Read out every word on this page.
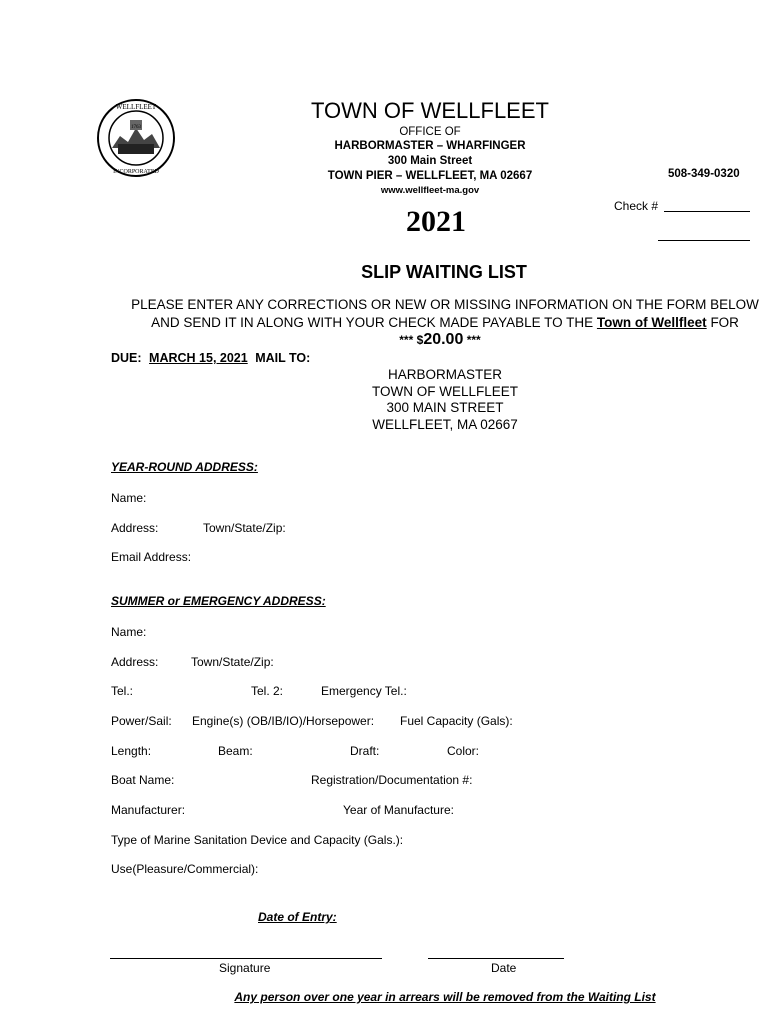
1763
WELLFLEET
INCORPORATED
TOWN OF WELLFLEET
OFFICE OF
HARBORMASTER – WHARFINGER
300 Main Street
TOWN PIER – WELLFLEET, MA 02667
www.wellfleet-ma.gov
508-349-0320
Check #
2021
SLIP WAITING LIST
PLEASE ENTER ANY CORRECTIONS OR NEW OR MISSING INFORMATION ON THE FORM BELOW
AND SEND IT IN ALONG WITH YOUR CHECK MADE PAYABLE TO THE Town of Wellfleet FOR
*** $20.00 ***
DUE: MARCH 15, 2021 MAIL TO:
HARBORMASTER
TOWN OF WELLFLEET
300 MAIN STREET
WELLFLEET, MA 02667
YEAR-ROUND ADDRESS:
Name:
Address:	Town/State/Zip:
Email Address:
SUMMER or EMERGENCY ADDRESS:
Name:
Address:	Town/State/Zip:
Tel.:	Tel. 2:	Emergency Tel.:
Power/Sail: Engine(s) (OB/IB/IO)/Horsepower: Fuel Capacity (Gals):
Length:	Beam:	Draft:	Color:
Boat Name:	Registration/Documentation #:
Manufacturer:	Year of Manufacture:
Type of Marine Sanitation Device and Capacity (Gals.):
Use(Pleasure/Commercial):
Date of Entry:
Signature	Date
Any person over one year in arrears will be removed from the Waiting List
